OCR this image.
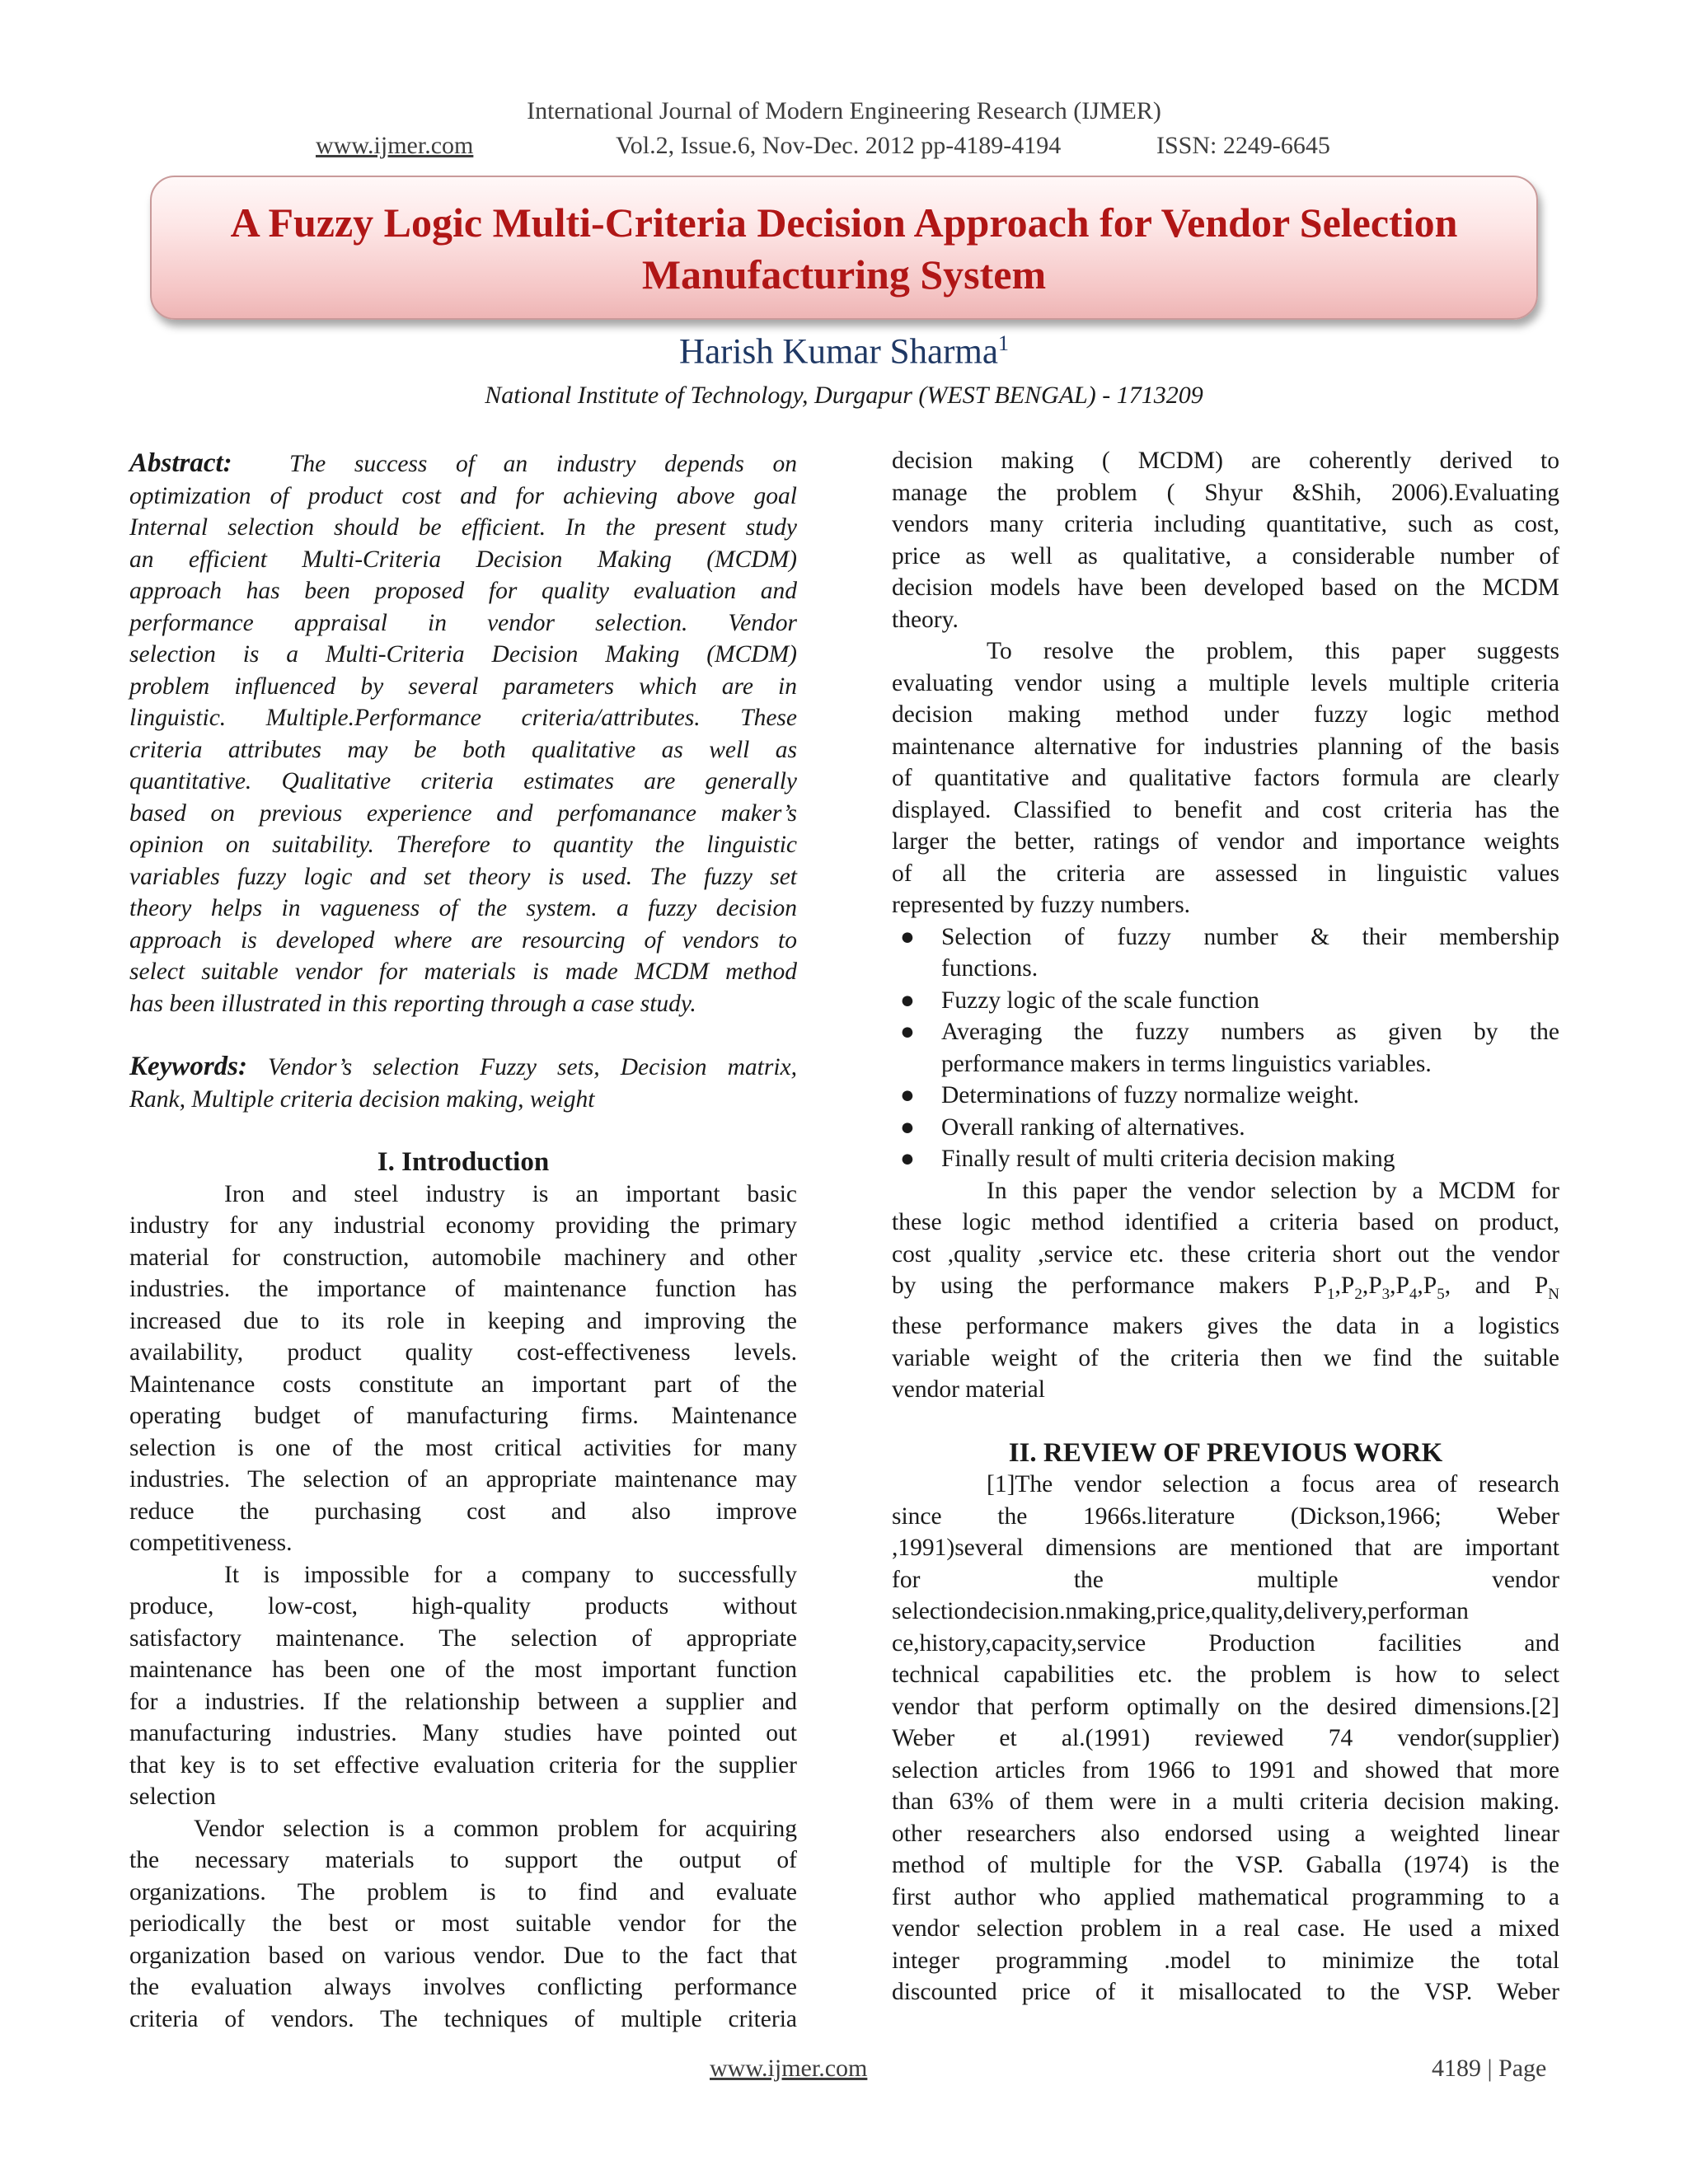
International Journal of Modern Engineering Research (IJMER)
www.ijmer.com	Vol.2, Issue.6, Nov-Dec. 2012 pp-4189-4194	ISSN: 2249-6645
A Fuzzy Logic Multi-Criteria Decision Approach for Vendor Selection
Manufacturing System
Harish Kumar Sharma$^1$
National Institute of Technology, Durgapur (WEST BENGAL) - 1713209

Abstract: The success of an industry depends on

optimization of product cost and for achieving above goal

Internal selection should be efficient. In the present study

an efficient Multi-Criteria Decision Making (MCDM)

approach has been proposed for quality evaluation and

performance appraisal in vendor selection. Vendor

selection is a Multi-Criteria Decision Making (MCDM)

problem influenced by several parameters which are in

linguistic. Multiple.Performance criteria/attributes. These

criteria attributes may be both qualitative as well as

quantitative. Qualitative criteria estimates are generally

based on previous experience and perfomanance maker’s

opinion on suitability. Therefore to quantity the linguistic

variables fuzzy logic and set theory is used. The fuzzy set

theory helps in vagueness of the system. a fuzzy decision

approach is developed where are resourcing of vendors to

select suitable vendor for materials is made MCDM method

has been illustrated in this reporting through a case study.

Keywords: Vendor’s selection Fuzzy sets, Decision matrix,

Rank, Multiple criteria decision making, weight

I. Introduction

Iron and steel industry is an important basic

industry for any industrial economy providing the primary

material for construction, automobile machinery and other

industries. the importance of maintenance function has

increased due to its role in keeping and improving the

availability, product quality cost-effectiveness levels.

Maintenance costs constitute an important part of the

operating budget of manufacturing firms. Maintenance

selection is one of the most critical activities for many

industries. The selection of an appropriate maintenance may

reduce the purchasing cost and also improve

competitiveness.

It is impossible for a company to successfully

produce, low-cost, high-quality products without

satisfactory maintenance. The selection of appropriate

maintenance has been one of the most important function

for a industries. If the relationship between a supplier and

manufacturing industries. Many studies have pointed out

that key is to set effective evaluation criteria for the supplier

selection

Vendor selection is a common problem for acquiring

the necessary materials to support the output of

organizations. The problem is to find and evaluate

periodically the best or most suitable vendor for the

organization based on various vendor. Due to the fact that

the evaluation always involves conflicting performance

criteria of vendors. The techniques of multiple criteria

decision making ( MCDM) are coherently derived to

manage the problem ( Shyur &Shih, 2006).Evaluating

vendors many criteria including quantitative, such as cost,

price as well as qualitative, a considerable number of

decision models have been developed based on the MCDM

theory.

To resolve the problem, this paper suggests

evaluating vendor using a multiple levels multiple criteria

decision making method under fuzzy logic method

maintenance alternative for industries planning of the basis

of quantitative and qualitative factors formula are clearly

displayed. Classified to benefit and cost criteria has the

larger the better, ratings of vendor and importance weights

of all the criteria are assessed in linguistic values

represented by fuzzy numbers.

● Selection of fuzzy number & their membership

functions.

● Fuzzy logic of the scale function

● Averaging the fuzzy numbers as given by the

performance makers in terms linguistics variables.

● Determinations of fuzzy normalize weight.

● Overall ranking of alternatives.

● Finally result of multi criteria decision making

In this paper the vendor selection by a MCDM for

these logic method identified a criteria based on product,

cost ,quality ,service etc. these criteria short out the vendor

by using the performance makers $P_1,P_2,P_3,P_4,P_5$, and $P_N$

these performance makers gives the data in a logistics

variable weight of the criteria then we find the suitable

vendor material

II. REVIEW OF PREVIOUS WORK

[1]The vendor selection a focus area of research

since the 1966s.literature (Dickson,1966; Weber

,1991)several dimensions are mentioned that are important

for the multiple vendor

selectiondecision.nmaking,price,quality,delivery,performan

ce,history,capacity,service Production facilities and

technical capabilities etc. the problem is how to select

vendor that perform optimally on the desired dimensions.[2]

Weber et al.(1991) reviewed 74 vendor(supplier)

selection articles from 1966 to 1991 and showed that more

than 63% of them were in a multi criteria decision making.

other researchers also endorsed using a weighted linear

method of multiple for the VSP. Gaballa (1974) is the

first author who applied mathematical programming to a

vendor selection problem in a real case. He used a mixed

integer programming .model to minimize the total

discounted price of it misallocated to the VSP. Weber

www.ijmer.com	4189 | Page
